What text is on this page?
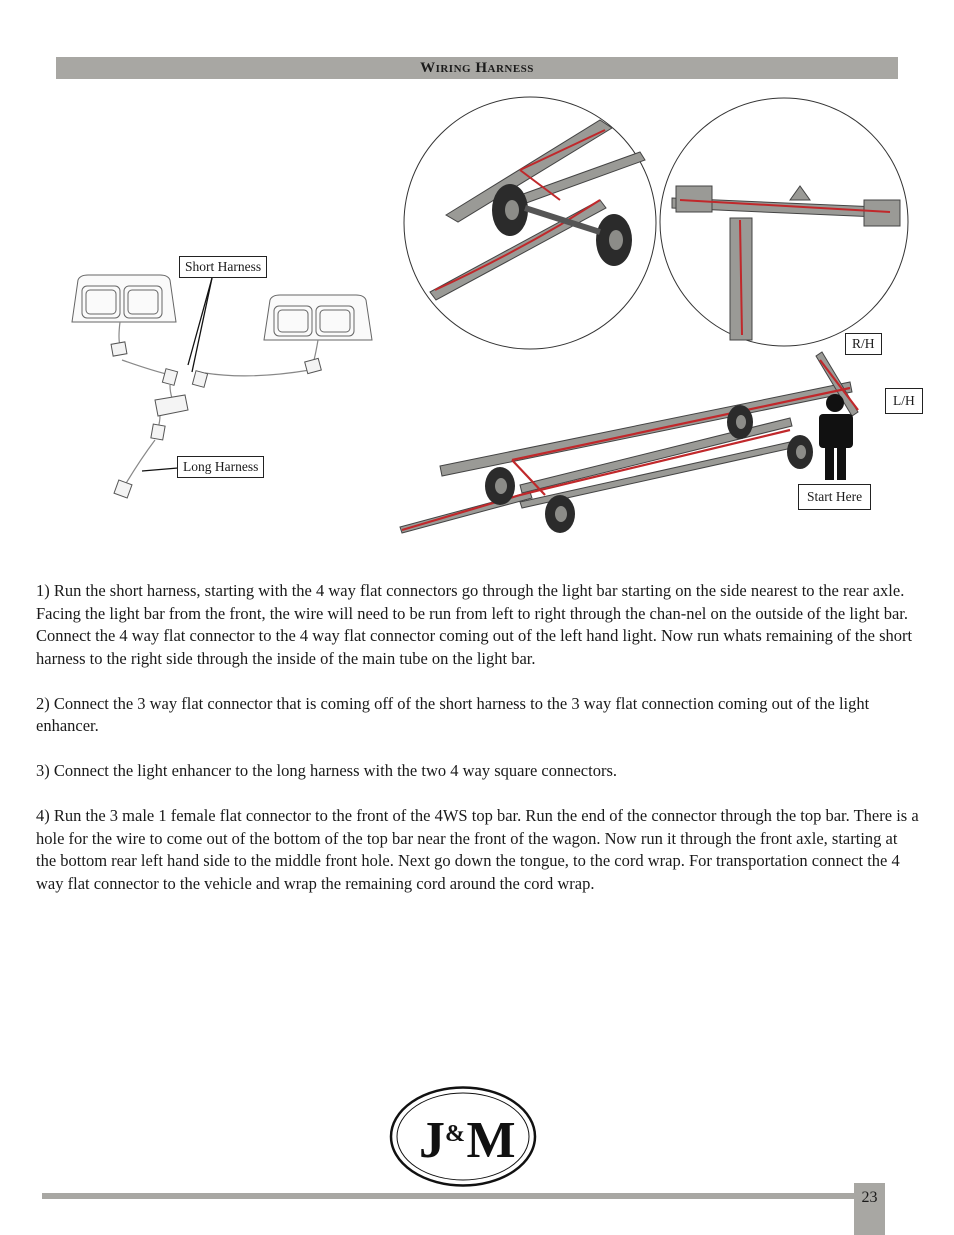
Wiring Harness
Short Harness
Long Harness
R/H
L/H
Start Here

1) Run the short harness, starting with the 4 way flat connectors go through the light bar starting on the side nearest to the rear axle. Facing the light bar from the front, the wire will need to be run from left to right through the chan-nel on the outside of the light bar. Connect the 4 way flat connector to the 4 way flat connector coming out of the left hand light. Now run whats remaining of the short harness to the right side through the inside of the main tube on the light bar.

2) Connect the 3 way flat connector that is coming off of the short harness to the 3 way flat connection coming out of the light enhancer.

3) Connect the light enhancer to the long harness with the two 4 way square connectors.

4) Run the 3 male 1 female flat connector to the front of the 4WS top bar. Run the end of the connector through the top bar. There is a hole for the wire to come out of the bottom of the top bar near the front of the wagon. Now run it through the front axle, starting at the bottom rear left hand side to the middle front hole. Next go down the tongue, to the cord wrap. For transportation connect the 4 way flat connector to the vehicle and wrap the remaining cord around the cord wrap.

J & M
23
